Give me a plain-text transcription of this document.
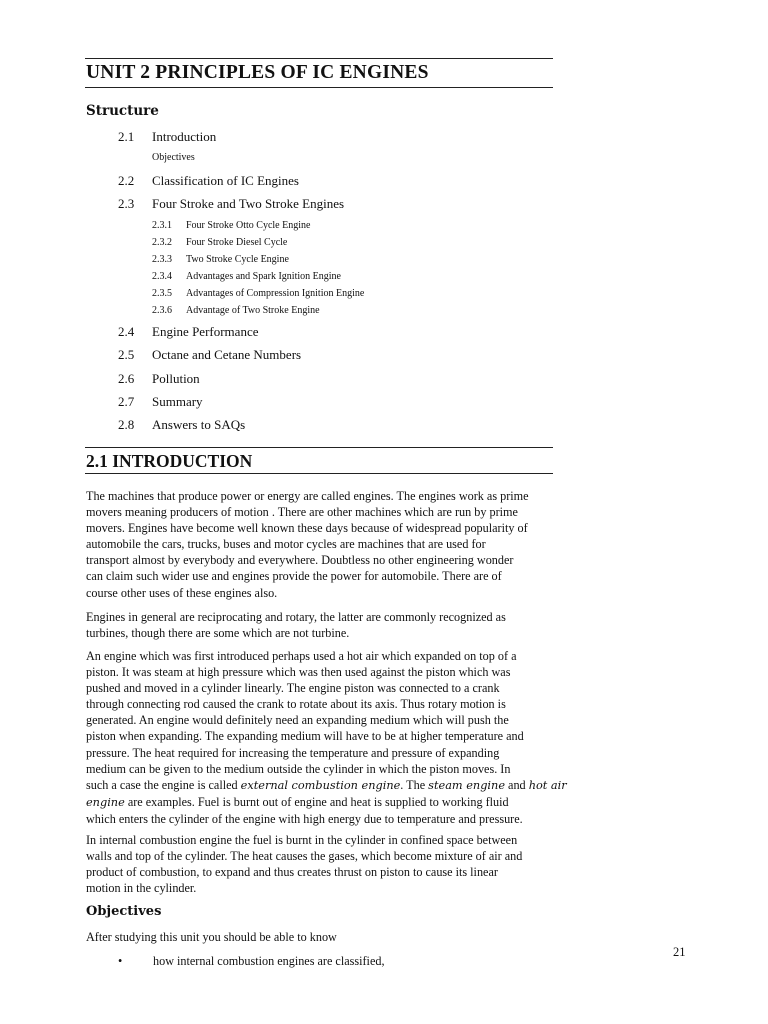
UNIT 2 PRINCIPLES OF IC ENGINES
Structure
2.1 Introduction
Objectives
2.2 Classification of IC Engines
2.3 Four Stroke and Two Stroke Engines
2.3.1 Four Stroke Otto Cycle Engine
2.3.2 Four Stroke Diesel Cycle
2.3.3 Two Stroke Cycle Engine
2.3.4 Advantages and Spark Ignition Engine
2.3.5 Advantages of Compression Ignition Engine
2.3.6 Advantage of Two Stroke Engine
2.4 Engine Performance
2.5 Octane and Cetane Numbers
2.6 Pollution
2.7 Summary
2.8 Answers to SAQs
2.1 INTRODUCTION
The machines that produce power or energy are called engines. The engines work as prime
movers meaning producers of motion . There are other machines which are run by prime
movers. Engines have become well known these days because of widespread popularity of
automobile the cars, trucks, buses and motor cycles are machines that are used for
transport almost by everybody and everywhere. Doubtless no other engineering wonder
can claim such wider use and engines provide the power for automobile. There are of
course other uses of these engines also.
Engines in general are reciprocating and rotary, the latter are commonly recognized as
turbines, though there are some which are not turbine.
An engine which was first introduced perhaps used a hot air which expanded on top of a
piston. It was steam at high pressure which was then used against the piston which was
pushed and moved in a cylinder linearly. The engine piston was connected to a crank
through connecting rod caused the crank to rotate about its axis. Thus rotary motion is
generated. An engine would definitely need an expanding medium which will push the
piston when expanding. The expanding medium will have to be at higher temperature and
pressure. The heat required for increasing the temperature and pressure of expanding
medium can be given to the medium outside the cylinder in which the piston moves. In
such a case the engine is called external combustion engine. The steam engine and hot air
engine are examples. Fuel is burnt out of engine and heat is supplied to working fluid
which enters the cylinder of the engine with high energy due to temperature and pressure.
In internal combustion engine the fuel is burnt in the cylinder in confined space between
walls and top of the cylinder. The heat causes the gases, which become mixture of air and
product of combustion, to expand and thus creates thrust on piston to cause its linear
motion in the cylinder.
Objectives
After studying this unit you should be able to know
•	how internal combustion engines are classified,
21
